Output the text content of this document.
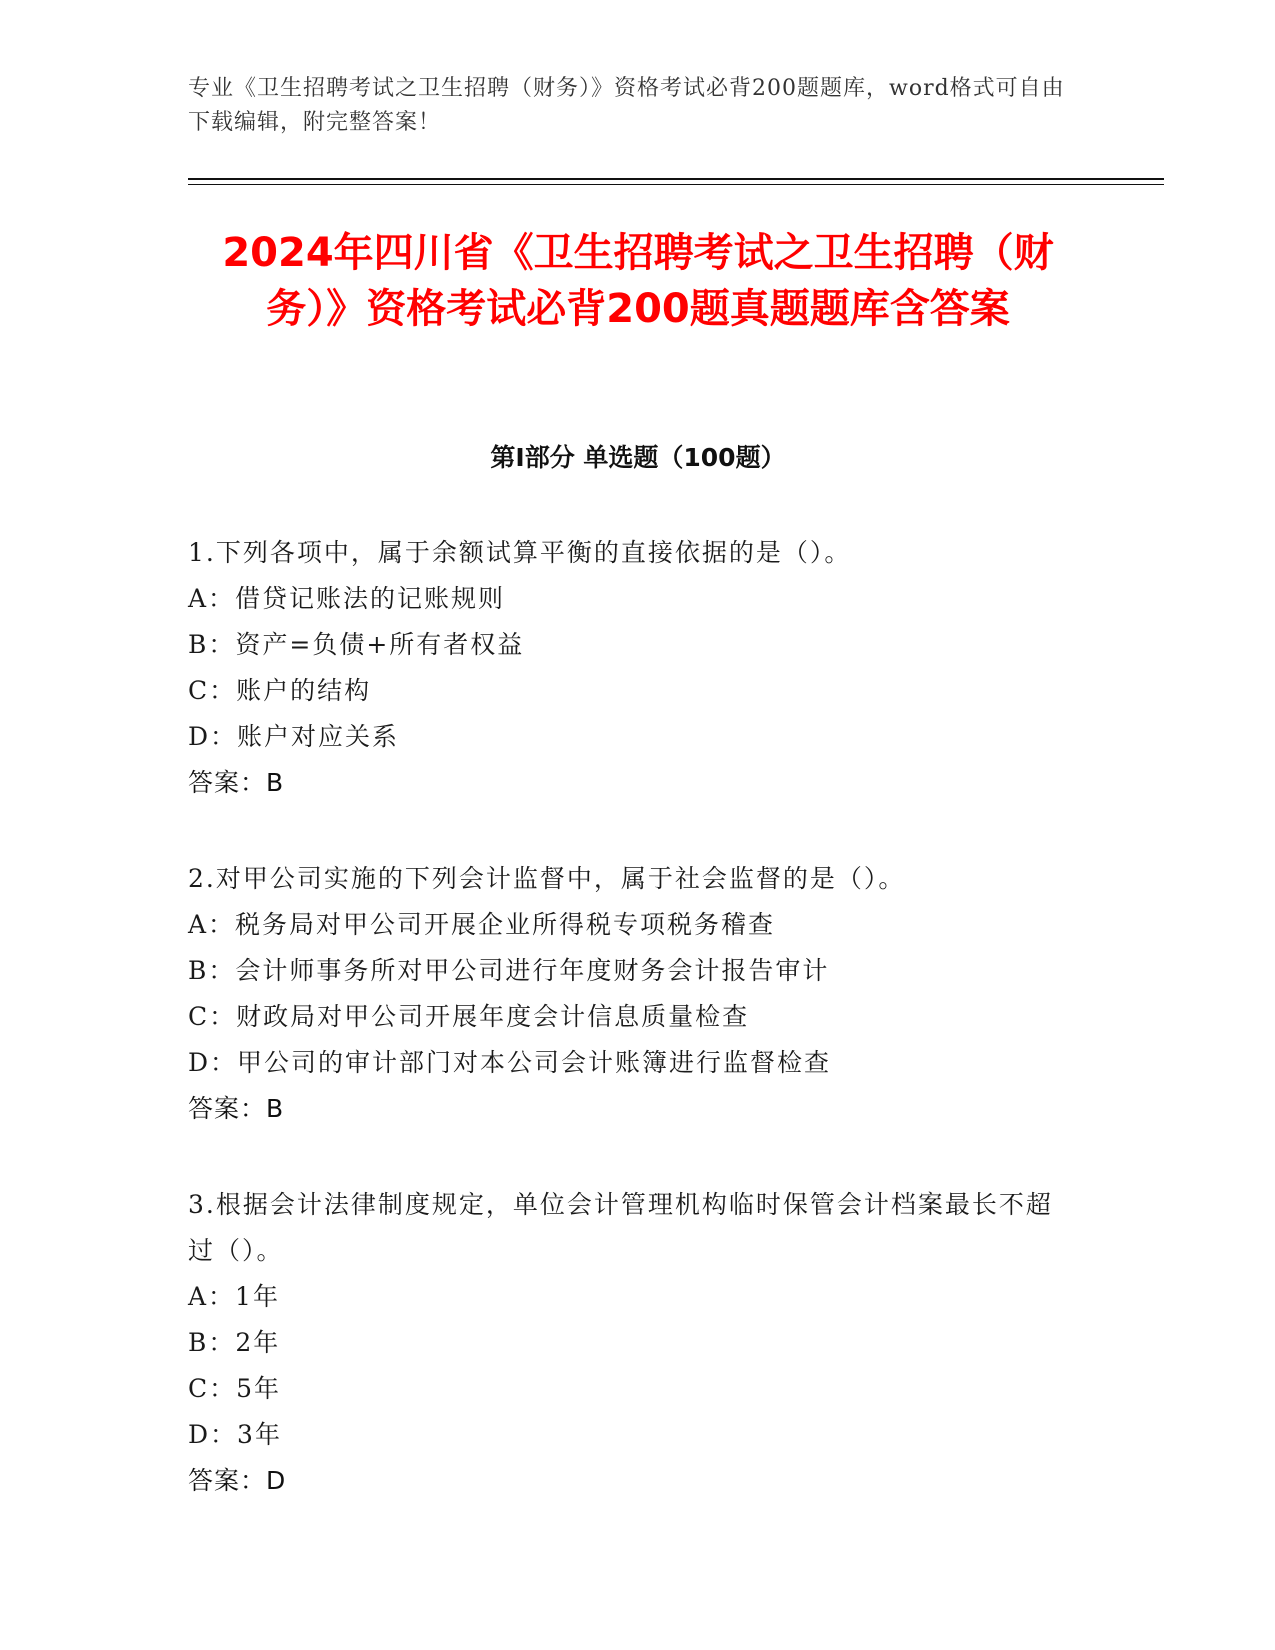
专业《卫生招聘考试之卫生招聘（财务）》资格考试必背200题题库，word格式可自由下载编辑，附完整答案！
2024年四川省《卫生招聘考试之卫生招聘（财务）》资格考试必背200题真题题库含答案
第I部分 单选题（100题）
1.下列各项中，属于余额试算平衡的直接依据的是（）。
A：借贷记账法的记账规则
B：资产=负债+所有者权益
C：账户的结构
D：账户对应关系
答案：B
2.对甲公司实施的下列会计监督中，属于社会监督的是（）。
A：税务局对甲公司开展企业所得税专项税务稽查
B：会计师事务所对甲公司进行年度财务会计报告审计
C：财政局对甲公司开展年度会计信息质量检查
D：甲公司的审计部门对本公司会计账簿进行监督检查
答案：B
3.根据会计法律制度规定，单位会计管理机构临时保管会计档案最长不超过（）。
A：1年
B：2年
C：5年
D：3年
答案：D
